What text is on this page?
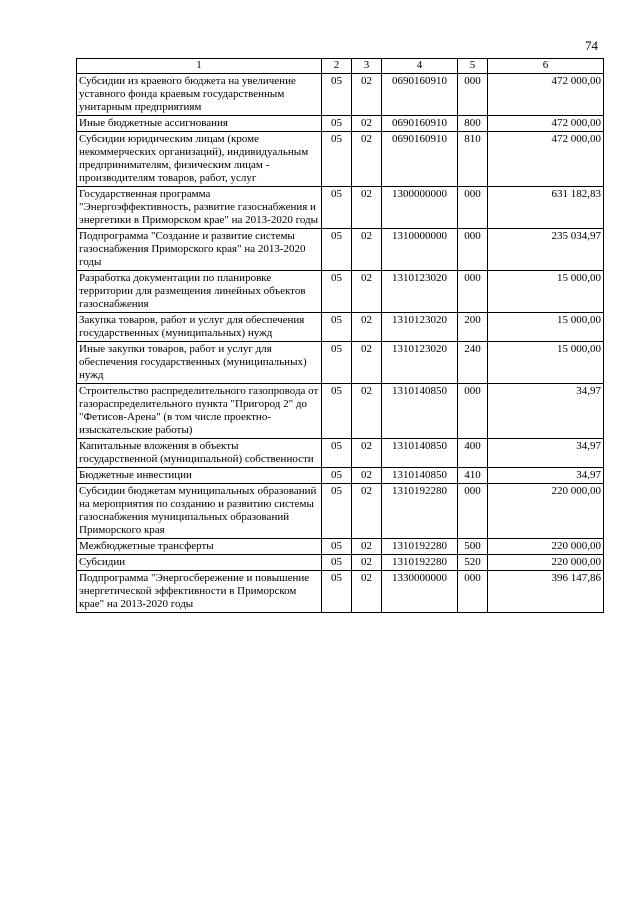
74
1	2	3	4	5	6
Субсидии из краевого бюджета на увеличение уставного фонда краевым государственным унитарным предприятиям	05	02	0690160910	000	472 000,00
Иные бюджетные ассигнования	05	02	0690160910	800	472 000,00
Субсидии юридическим лицам (кроме некоммерческих организаций), индивидуальным предпринимателям, физическим лицам - производителям товаров, работ, услуг	05	02	0690160910	810	472 000,00
Государственная программа "Энергоэффективность, развитие газоснабжения и энергетики в Приморском крае" на 2013-2020 годы	05	02	1300000000	000	631 182,83
Подпрограмма "Создание и развитие системы газоснабжения Приморского края" на 2013-2020 годы	05	02	1310000000	000	235 034,97
Разработка документации по планировке территории для размещения линейных объектов газоснабжения	05	02	1310123020	000	15 000,00
Закупка товаров, работ и услуг для обеспечения государственных (муниципальных) нужд	05	02	1310123020	200	15 000,00
Иные закупки товаров, работ и услуг для обеспечения государственных (муниципальных) нужд	05	02	1310123020	240	15 000,00
Строительство распределительного газопровода от газораспределительного пункта "Пригород 2" до "Фетисов-Арена" (в том числе проектно-изыскательские работы)	05	02	1310140850	000	34,97
Капитальные вложения в объекты государственной (муниципальной) собственности	05	02	1310140850	400	34,97
Бюджетные инвестиции	05	02	1310140850	410	34,97
Субсидии бюджетам муниципальных образований на мероприятия по созданию и развитию системы газоснабжения муниципальных образований Приморского края	05	02	1310192280	000	220 000,00
Межбюджетные трансферты	05	02	1310192280	500	220 000,00
Субсидии	05	02	1310192280	520	220 000,00
Подпрограмма "Энергосбережение и повышение энергетической эффективности в Приморском крае" на 2013-2020 годы	05	02	1330000000	000	396 147,86
